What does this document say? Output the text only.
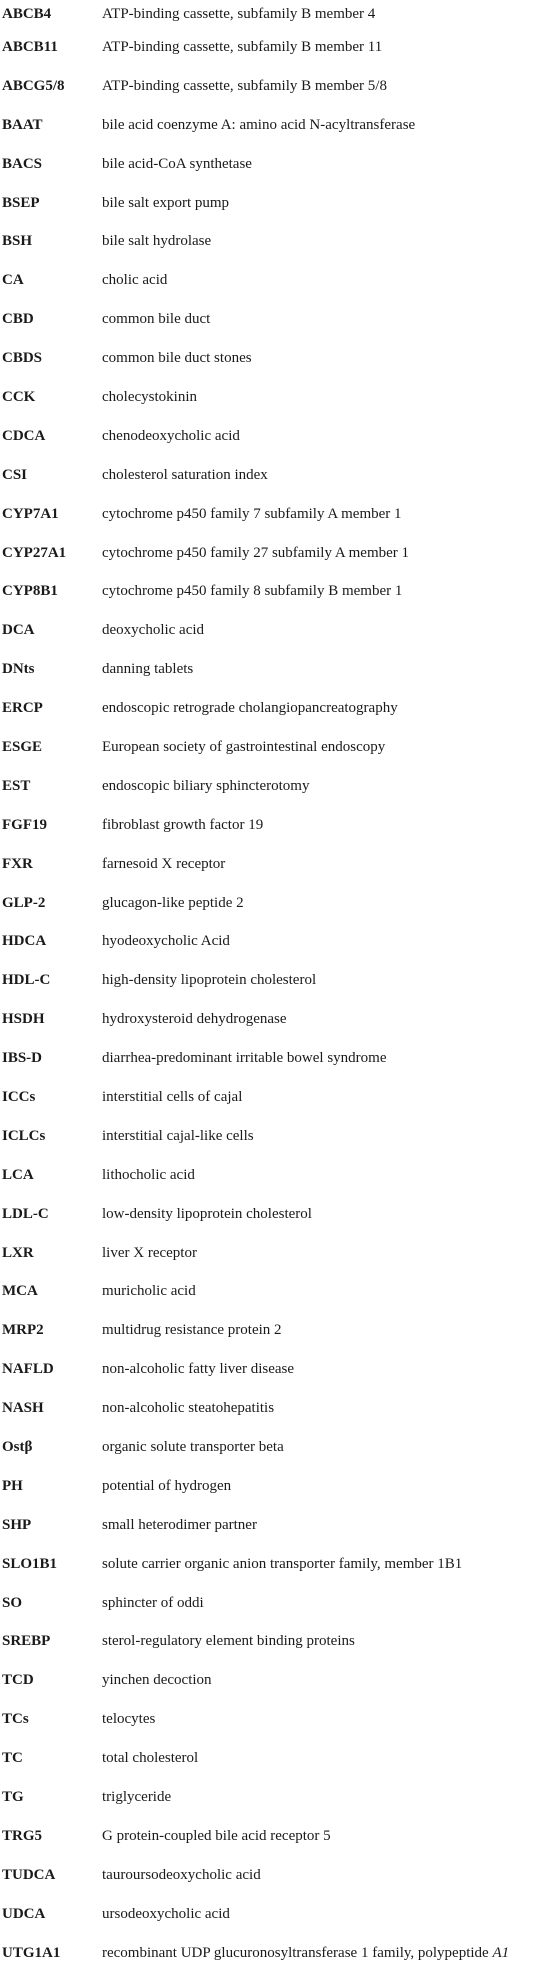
ABCB4	ATP-binding cassette, subfamily B member 4
ABCB11	ATP-binding cassette, subfamily B member 11
ABCG5/8	ATP-binding cassette, subfamily B member 5/8
BAAT	bile acid coenzyme A: amino acid N-acyltransferase
BACS	bile acid-CoA synthetase
BSEP	bile salt export pump
BSH	bile salt hydrolase
CA	cholic acid
CBD	common bile duct
CBDS	common bile duct stones
CCK	cholecystokinin
CDCA	chenodeoxycholic acid
CSI	cholesterol saturation index
CYP7A1	cytochrome p450 family 7 subfamily A member 1
CYP27A1	cytochrome p450 family 27 subfamily A member 1
CYP8B1	cytochrome p450 family 8 subfamily B member 1
DCA	deoxycholic acid
DNts	danning tablets
ERCP	endoscopic retrograde cholangiopancreatography
ESGE	European society of gastrointestinal endoscopy
EST	endoscopic biliary sphincterotomy
FGF19	fibroblast growth factor 19
FXR	farnesoid X receptor
GLP-2	glucagon-like peptide 2
HDCA	hyodeoxycholic Acid
HDL-C	high-density lipoprotein cholesterol
HSDH	hydroxysteroid dehydrogenase
IBS-D	diarrhea-predominant irritable bowel syndrome
ICCs	interstitial cells of cajal
ICLCs	interstitial cajal-like cells
LCA	lithocholic acid
LDL-C	low-density lipoprotein cholesterol
LXR	liver X receptor
MCA	muricholic acid
MRP2	multidrug resistance protein 2
NAFLD	non-alcoholic fatty liver disease
NASH	non-alcoholic steatohepatitis
Ostβ	organic solute transporter beta
PH	potential of hydrogen
SHP	small heterodimer partner
SLO1B1	solute carrier organic anion transporter family, member 1B1
SO	sphincter of oddi
SREBP	sterol-regulatory element binding proteins
TCD	yinchen decoction
TCs	telocytes
TC	total cholesterol
TG	triglyceride
TRG5	G protein-coupled bile acid receptor 5
TUDCA	tauroursodeoxycholic acid
UDCA	ursodeoxycholic acid
UTG1A1	recombinant UDP glucuronosyltransferase 1 family, polypeptide A1
